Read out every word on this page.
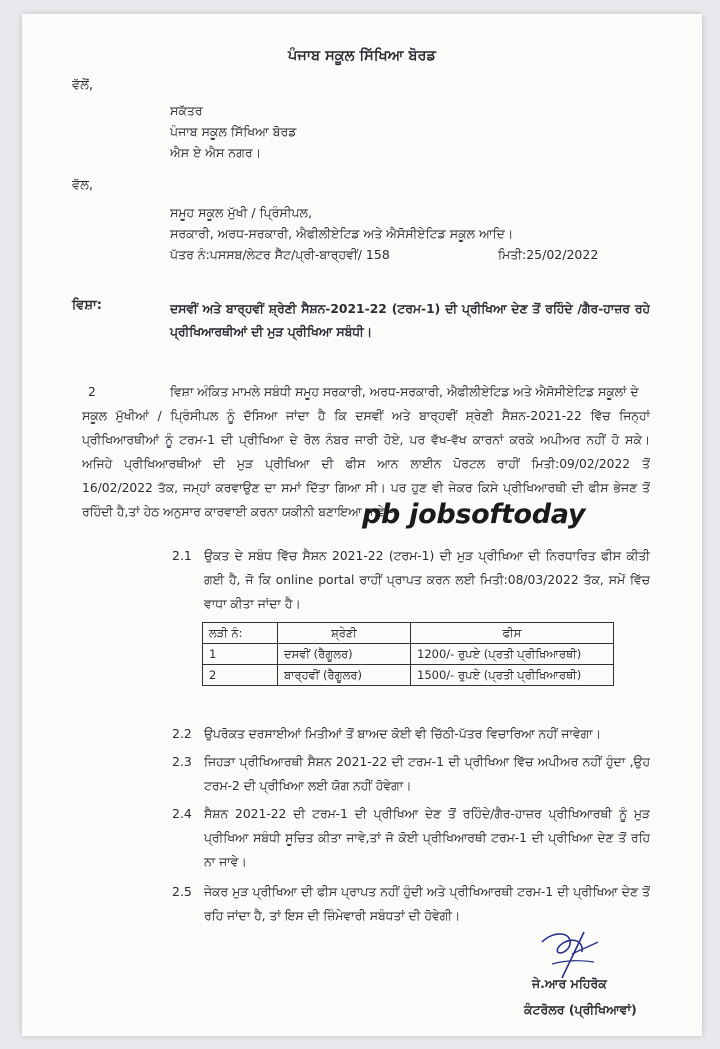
ਪੰਜਾਬ ਸਕੂਲ ਸਿੱਖਿਆ ਬੋਰਡ
ਵੱਲੋਂ,
ਸਕੱਤਰ
ਪੰਜਾਬ ਸਕੂਲ ਸਿੱਖਿਆ ਬੋਰਡ
ਐਸ ਏ ਐਸ ਨਗਰ।
ਵੱਲ,
ਸਮੂਹ ਸਕੂਲ ਮੁੱਖੀ / ਪ੍ਰਿੰਸੀਪਲ,
ਸਰਕਾਰੀ, ਅਰਧ-ਸਰਕਾਰੀ, ਐਫੀਲੀਏਟਿਡ ਅਤੇ ਐਸੋਸੀਏਟਿਡ ਸਕੂਲ ਆਦਿ।
ਪੱਤਰ ਨੰ:ਪਸਸਬ/ਲੇਟਰ ਸੈੱਟ/ਪ੍ਰੀ-ਬਾਰ੍ਹਵੀਂ/ 158	ਮਿਤੀ:25/02/2022
ਵਿਸ਼ਾ:	ਦਸਵੀਂ ਅਤੇ ਬਾਰ੍ਹਵੀਂ ਸ਼੍ਰੇਣੀ ਸੈਸ਼ਨ-2021-22 (ਟਰਮ-1) ਦੀ ਪ੍ਰੀਖਿਆ ਦੇਣ ਤੋਂ ਰਹਿੰਦੇ /ਗੈਰ-ਹਾਜ਼ਰ ਰਹੇ
ਪ੍ਰੀਖਿਆਰਥੀਆਂ ਦੀ ਮੁੜ ਪ੍ਰੀਖਿਆ ਸਬੰਧੀ।
2	ਵਿਸ਼ਾ ਅੰਕਿਤ ਮਾਮਲੇ ਸਬੰਧੀ ਸਮੂਹ ਸਰਕਾਰੀ, ਅਰਧ-ਸਰਕਾਰੀ, ਐਫੀਲੀਏਟਿਡ ਅਤੇ ਐਸੋਸੀਏਟਿਡ ਸਕੂਲਾਂ ਦੇ
ਸਕੂਲ ਮੁੱਖੀਆਂ / ਪ੍ਰਿੰਸੀਪਲ ਨੂੰ ਦੱਸਿਆ ਜਾਂਦਾ ਹੈ ਕਿ ਦਸਵੀਂ ਅਤੇ ਬਾਰ੍ਹਵੀਂ ਸ਼੍ਰੇਣੀ ਸੈਸ਼ਨ-2021-22 ਵਿੱਚ ਜਿਨ੍ਹਾਂ
ਪ੍ਰੀਖਿਆਰਥੀਆਂ ਨੂੰ ਟਰਮ-1 ਦੀ ਪ੍ਰੀਖਿਆ ਦੇ ਰੋਲ ਨੰਬਰ ਜਾਰੀ ਹੋਏ, ਪਰ ਵੱਖ-ਵੱਖ ਕਾਰਨਾਂ ਕਰਕੇ ਅਪੀਅਰ ਨਹੀਂ ਹੋ ਸਕੇ।
ਅਜਿਹੇ ਪ੍ਰੀਖਿਆਰਥੀਆਂ ਦੀ ਮੁੜ ਪ੍ਰੀਖਿਆ ਦੀ ਫੀਸ ਆਨ ਲਾਈਨ ਪੋਰਟਲ ਰਾਹੀਂ ਮਿਤੀ:09/02/2022 ਤੋਂ
16/02/2022 ਤੱਕ, ਜਮ੍ਹਾਂ ਕਰਵਾਉਣ ਦਾ ਸਮਾਂ ਦਿੱਤਾ ਗਿਆ ਸੀ। ਪਰ ਹੁਣ ਵੀ ਜੇਕਰ ਕਿਸੇ ਪ੍ਰੀਖਿਆਰਥੀ ਦੀ ਫੀਸ ਭੇਜਣ ਤੋਂ
ਰਹਿੰਦੀ ਹੈ,ਤਾਂ ਹੇਠ ਅਨੁਸਾਰ ਕਾਰਵਾਈ ਕਰਨਾ ਯਕੀਨੀ ਬਣਾਇਆ ਜਾਵੇ:-
pb jobsoftoday
2.1 ਉਕਤ ਦੇ ਸਬੰਧ ਵਿੱਚ ਸੈਸ਼ਨ 2021-22 (ਟਰਮ-1) ਦੀ ਮੁੜ ਪ੍ਰੀਖਿਆ ਦੀ ਨਿਰਧਾਰਿਤ ਫੀਸ ਕੀਤੀ
ਗਈ ਹੈ, ਜੋ ਕਿ online portal ਰਾਹੀਂ ਪ੍ਰਾਪਤ ਕਰਨ ਲਈ ਮਿਤੀ:08/03/2022 ਤੱਕ, ਸਮੇਂ ਵਿੱਚ
ਵਾਧਾ ਕੀਤਾ ਜਾਂਦਾ ਹੈ।
ਲੜੀ ਨੰ:	ਸ਼੍ਰੇਣੀ	ਫੀਸ
1	ਦਸਵੀਂ (ਰੈਗੂਲਰ)	1200/- ਰੁਪਏ (ਪ੍ਰਤੀ ਪ੍ਰੀਖਿਆਰਥੀ)
2	ਬਾਰ੍ਹਵੀਂ (ਰੈਗੂਲਰ)	1500/- ਰੁਪਏ (ਪ੍ਰਤੀ ਪ੍ਰੀਖਿਆਰਥੀ)
2.2 ਉਪਰੋਕਤ ਦਰਸਾਈਆਂ ਮਿਤੀਆਂ ਤੋਂ ਬਾਅਦ ਕੋਈ ਵੀ ਚਿੱਠੀ-ਪੱਤਰ ਵਿਚਾਰਿਆ ਨਹੀਂ ਜਾਵੇਗਾ।
2.3 ਜਿਹੜਾ ਪ੍ਰੀਖਿਆਰਥੀ ਸੈਸ਼ਨ 2021-22 ਦੀ ਟਰਮ-1 ਦੀ ਪ੍ਰੀਖਿਆ ਵਿੱਚ ਅਪੀਅਰ ਨਹੀਂ ਹੁੰਦਾ ,ਉਹ
ਟਰਮ-2 ਦੀ ਪ੍ਰੀਖਿਆ ਲਈ ਯੋਗ ਨਹੀਂ ਹੋਵੇਗਾ।
2.4 ਸੈਸ਼ਨ 2021-22 ਦੀ ਟਰਮ-1 ਦੀ ਪ੍ਰੀਖਿਆ ਦੇਣ ਤੋਂ ਰਹਿੰਦੇ/ਗੈਰ-ਹਾਜ਼ਰ ਪ੍ਰੀਖਿਆਰਥੀ ਨੂੰ ਮੁੜ
ਪ੍ਰੀਖਿਆ ਸਬੰਧੀ ਸੂਚਿਤ ਕੀਤਾ ਜਾਵੇ,ਤਾਂ ਜੋ ਕੋਈ ਪ੍ਰੀਖਿਆਰਥੀ ਟਰਮ-1 ਦੀ ਪ੍ਰੀਖਿਆ ਦੇਣ ਤੋਂ ਰਹਿ
ਨਾ ਜਾਵੇ।
2.5 ਜੇਕਰ ਮੁੜ ਪ੍ਰੀਖਿਆ ਦੀ ਫੀਸ ਪ੍ਰਾਪਤ ਨਹੀਂ ਹੁੰਦੀ ਅਤੇ ਪ੍ਰੀਖਿਆਰਥੀ ਟਰਮ-1 ਦੀ ਪ੍ਰੀਖਿਆ ਦੇਣ ਤੋਂ
ਰਹਿ ਜਾਂਦਾ ਹੈ, ਤਾਂ ਇਸ ਦੀ ਜ਼ਿੰਮੇਵਾਰੀ ਸਬੰਧਤਾਂ ਦੀ ਹੋਵੇਗੀ।
ਜੇ.ਆਰ ਮਹਿਰੋਕ
ਕੰਟਰੋਲਰ (ਪ੍ਰੀਖਿਆਵਾਂ)
